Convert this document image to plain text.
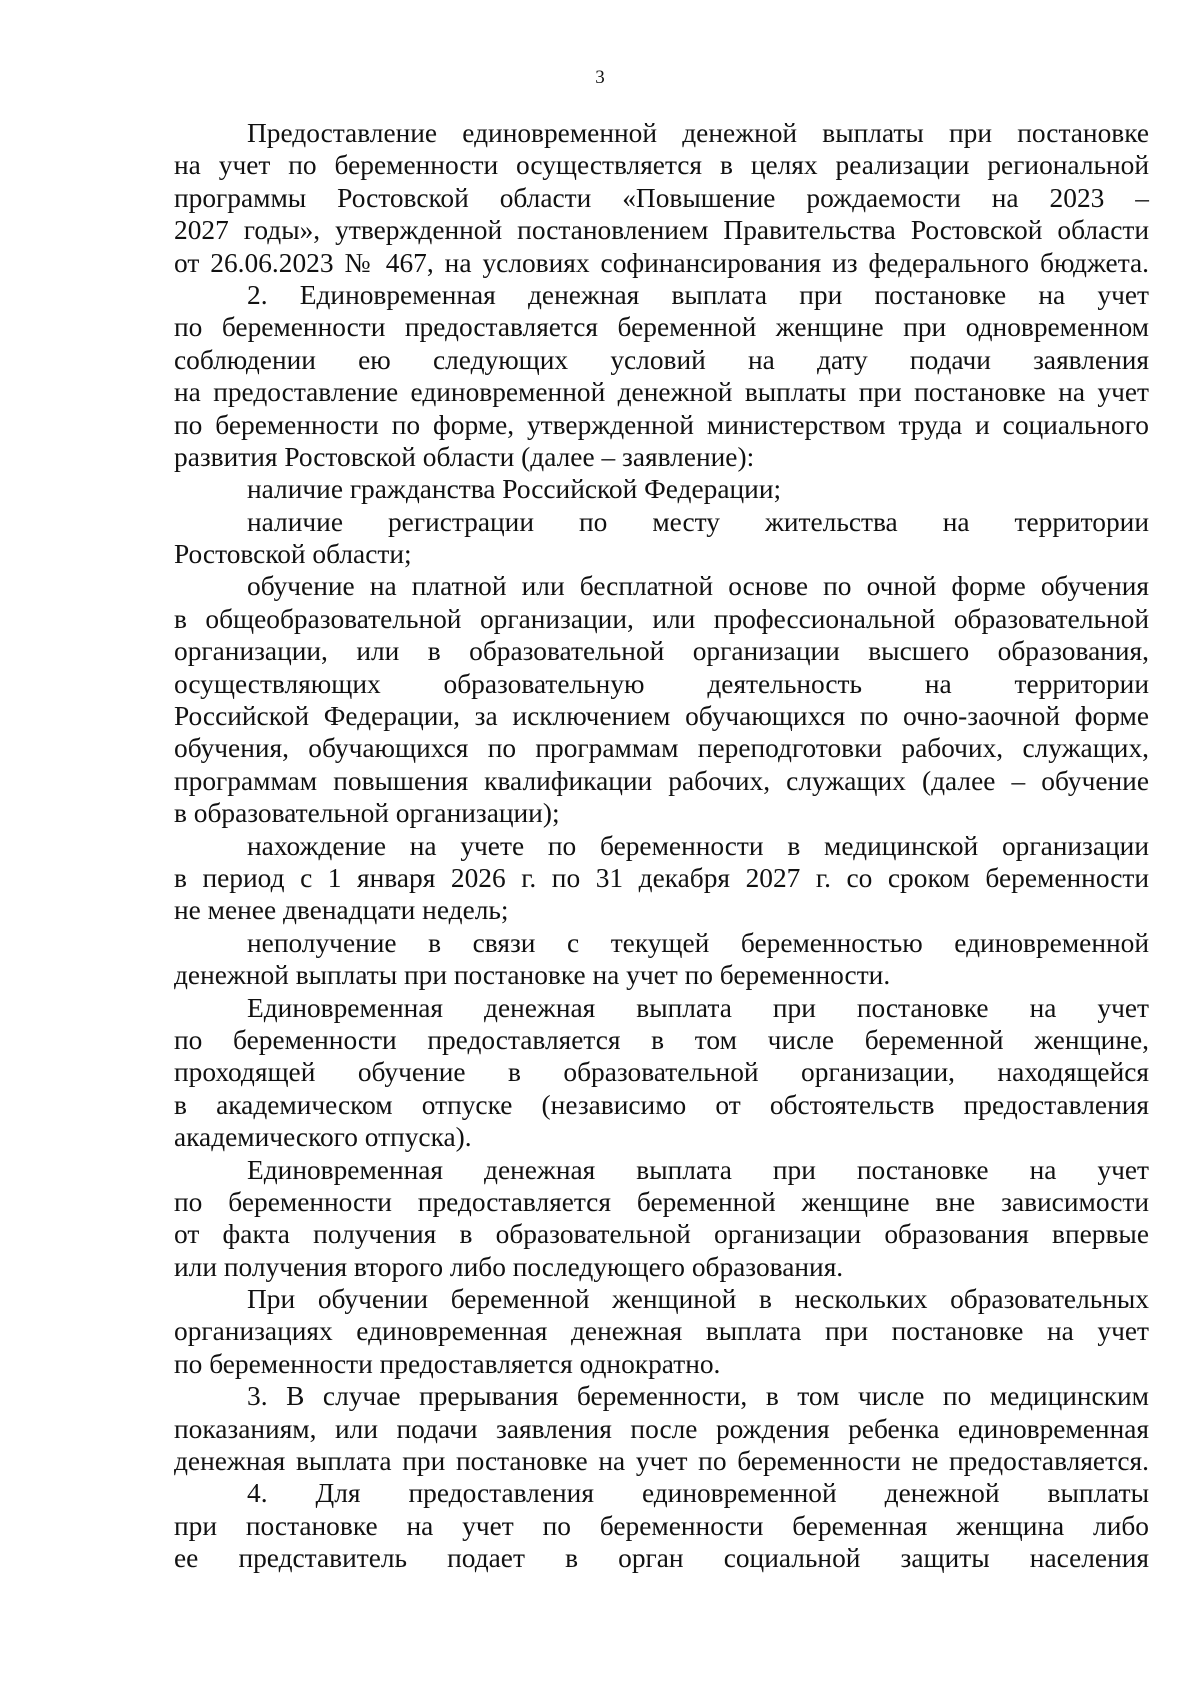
3
Предоставление единовременной денежной выплаты при постановке
на учет по беременности осуществляется в целях реализации региональной
программы Ростовской области «Повышение рождаемости на 2023 –
2027 годы», утвержденной постановлением Правительства Ростовской области
от 26.06.2023 № 467, на условиях софинансирования из федерального бюджета.
2. Единовременная денежная выплата при постановке на учет
по беременности предоставляется беременной женщине при одновременном
соблюдении ею следующих условий на дату подачи заявления
на предоставление единовременной денежной выплаты при постановке на учет
по беременности по форме, утвержденной министерством труда и социального
развития Ростовской области (далее – заявление):
наличие гражданства Российской Федерации;
наличие регистрации по месту жительства на территории
Ростовской области;
обучение на платной или бесплатной основе по очной форме обучения
в общеобразовательной организации, или профессиональной образовательной
организации, или в образовательной организации высшего образования,
осуществляющих образовательную деятельность на территории
Российской Федерации, за исключением обучающихся по очно-заочной форме
обучения, обучающихся по программам переподготовки рабочих, служащих,
программам повышения квалификации рабочих, служащих (далее – обучение
в образовательной организации);
нахождение на учете по беременности в медицинской организации
в период с 1 января 2026 г. по 31 декабря 2027 г. со сроком беременности
не менее двенадцати недель;
неполучение в связи с текущей беременностью единовременной
денежной выплаты при постановке на учет по беременности.
Единовременная денежная выплата при постановке на учет
по беременности предоставляется в том числе беременной женщине,
проходящей обучение в образовательной организации, находящейся
в академическом отпуске (независимо от обстоятельств предоставления
академического отпуска).
Единовременная денежная выплата при постановке на учет
по беременности предоставляется беременной женщине вне зависимости
от факта получения в образовательной организации образования впервые
или получения второго либо последующего образования.
При обучении беременной женщиной в нескольких образовательных
организациях единовременная денежная выплата при постановке на учет
по беременности предоставляется однократно.
3. В случае прерывания беременности, в том числе по медицинским
показаниям, или подачи заявления после рождения ребенка единовременная
денежная выплата при постановке на учет по беременности не предоставляется.
4. Для предоставления единовременной денежной выплаты
при постановке на учет по беременности беременная женщина либо
ее представитель подает в орган социальной защиты населения
